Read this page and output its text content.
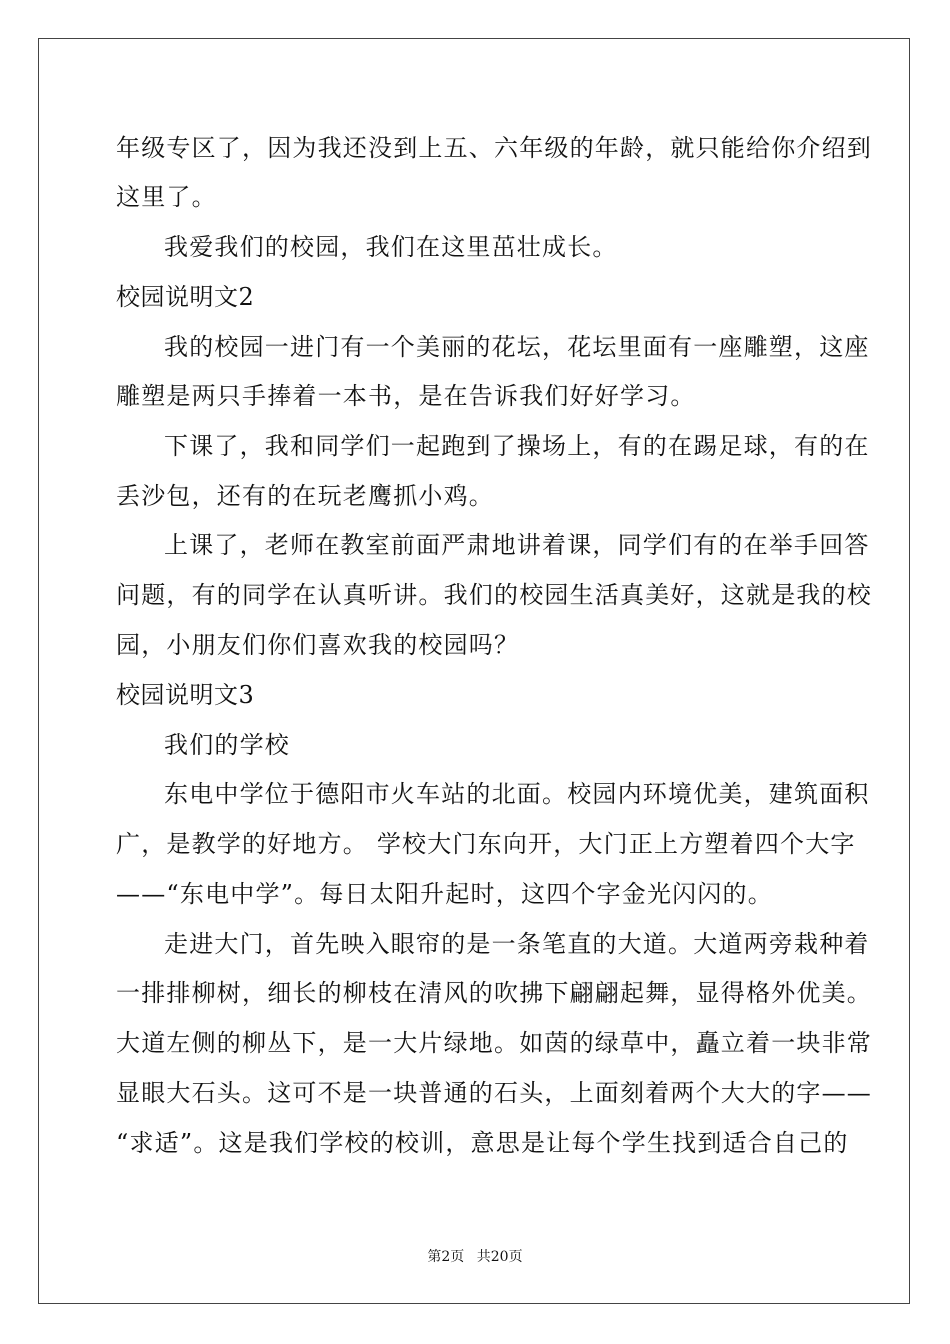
年级专区了，因为我还没到上五、六年级的年龄，就只能给你介绍到
这里了。
我爱我们的校园，我们在这里茁壮成长。
校园说明文2
我的校园一进门有一个美丽的花坛，花坛里面有一座雕塑，这座
雕塑是两只手捧着一本书，是在告诉我们好好学习。
下课了，我和同学们一起跑到了操场上，有的在踢足球，有的在
丢沙包，还有的在玩老鹰抓小鸡。
上课了，老师在教室前面严肃地讲着课，同学们有的在举手回答
问题，有的同学在认真听讲。我们的校园生活真美好，这就是我的校
园，小朋友们你们喜欢我的校园吗？
校园说明文3
我们的学校
东电中学位于德阳市火车站的北面。校园内环境优美，建筑面积
广，是教学的好地方。 学校大门东向开，大门正上方塑着四个大字
——“东电中学”。每日太阳升起时，这四个字金光闪闪的。
走进大门，首先映入眼帘的是一条笔直的大道。大道两旁栽种着
一排排柳树，细长的柳枝在清风的吹拂下翩翩起舞，显得格外优美。
大道左侧的柳丛下，是一大片绿地。如茵的绿草中，矗立着一块非常
显眼大石头。这可不是一块普通的石头，上面刻着两个大大的字——
“求适”。这是我们学校的校训，意思是让每个学生找到适合自己的
第2页 共20页
